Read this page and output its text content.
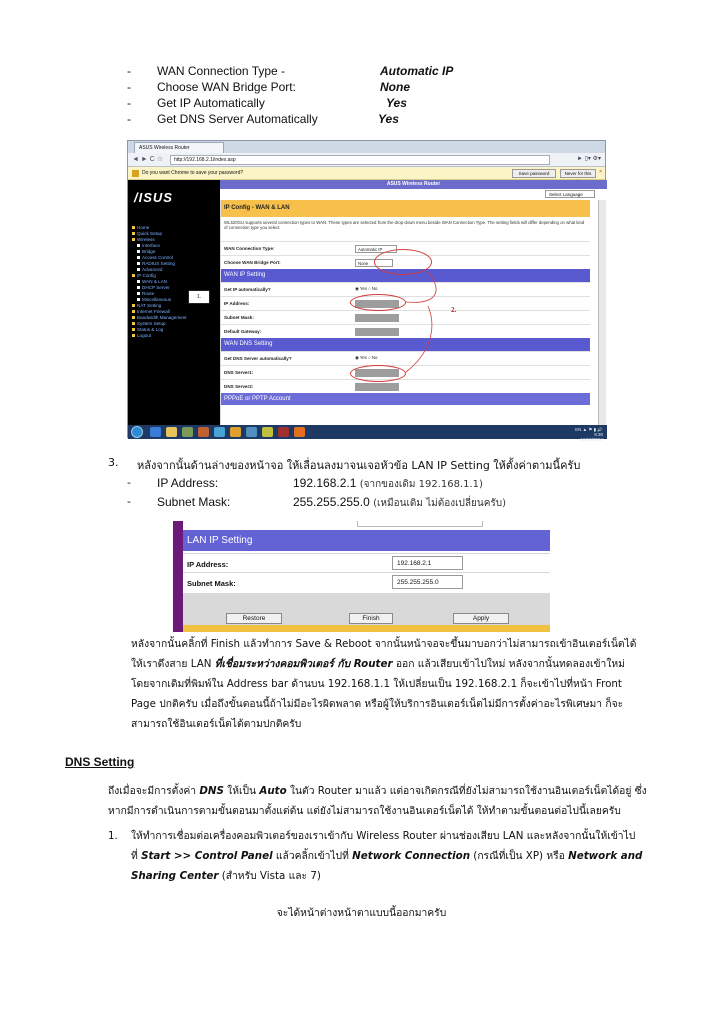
- WAN Connection Type -	Automatic IP
- Choose WAN Bridge Port:	None
- Get IP Automatically	Yes
- Get DNS Server Automatically	Yes
ASUS Wireless Router
◄ ► C ☆	http://192.168.2.1/index.asp	► ▯▾ ⚙▾
Do you want Chrome to save your password?	Save password	Never for this	×
/ISUS
Home
Quick Setup
Wireless
Interface
Bridge
Access Control
RADIUS Setting
Advanced
IP Config
WAN & LAN
DHCP Server
Route
Miscellaneous
NAT Setting
Internet Firewall
Bandwidth Management
System Setup
Status & Log
Logout
ASUS Wireless Router
Select Language
IP Config - WAN & LAN
WL520GU supports several connection types to WAN. These types are selected from the drop-down menu beside WAN Connection Type. The setting fields will differ depending on what kind of connection type you select.
WAN Connection Type:	Automatic IP
Choose WAN Bridge Port:	None
WAN IP Setting
Get IP automatically?	◉ Yes ○ No
IP Address:
Subnet Mask:
Default Gateway:
WAN DNS Setting
Get DNS Server automatically?	◉ Yes ○ No
DNS Server1:
DNS Server2:
PPPoE or PPTP Account
2.
1.
EN ▲ ⚑ ▮ 🔊
8:30
16/10/2554
3. หลังจากนั้นด้านล่างของหน้าจอ ให้เลื่อนลงมาจนเจอหัวข้อ LAN IP Setting ให้ตั้งค่าตามนี้ครับ
- IP Address:	192.168.2.1 (จากของเดิม 192.168.1.1)
- Subnet Mask:	255.255.255.0 (เหมือนเดิม ไม่ต้องเปลี่ยนครับ)
LAN IP Setting
IP Address:	192.168.2.1
Subnet Mask:	255.255.255.0
Restore	Finish	Apply
หลังจากนั้นคลิ้กที่ Finish แล้วทำการ Save & Reboot จากนั้นหน้าจอจะขึ้นมาบอกว่าไม่สามารถเข้าอินเตอร์เน็ตได้
ให้เราดึงสาย LAN ที่เชื่อมระหว่างคอมพิวเตอร์ กับ Router ออก แล้วเสียบเข้าไปใหม่ หลังจากนั้นทดลองเข้าใหม่
โดยจากเดิมที่พิมพ์ใน Address bar ด้านบน 192.168.1.1 ให้เปลี่ยนเป็น 192.168.2.1 ก็จะเข้าไปที่หน้า Front
Page ปกติครับ เมื่อถึงขั้นตอนนี้ถ้าไม่มีอะไรผิดพลาด หรือผู้ให้บริการอินเตอร์เน็ตไม่มีการตั้งค่าอะไรพิเศษมา ก็จะ
สามารถใช้อินเตอร์เน็ตได้ตามปกติครับ
DNS Setting
ถึงเมื่อจะมีการตั้งค่า DNS ให้เป็น Auto ในตัว Router มาแล้ว แต่อาจเกิดกรณีที่ยังไม่สามารถใช้งานอินเตอร์เน็ตได้อยู่ ซึ่ง
หากมีการดำเนินการตามขั้นตอนมาตั้งแต่ต้น แต่ยังไม่สามารถใช้งานอินเตอร์เน็ตได้ ให้ทำตามขั้นตอนต่อไปนี้เลยครับ
1. ให้ทำการเชื่อมต่อเครื่องคอมพิวเตอร์ของเราเข้ากับ Wireless Router ผ่านช่องเสียบ LAN และหลังจากนั้นให้เข้าไป
ที่ Start >> Control Panel แล้วคลิ้กเข้าไปที่ Network Connection (กรณีที่เป็น XP) หรือ Network and
Sharing Center (สำหรับ Vista และ 7)
จะได้หน้าต่างหน้าตาแบบนี้ออกมาครับ
